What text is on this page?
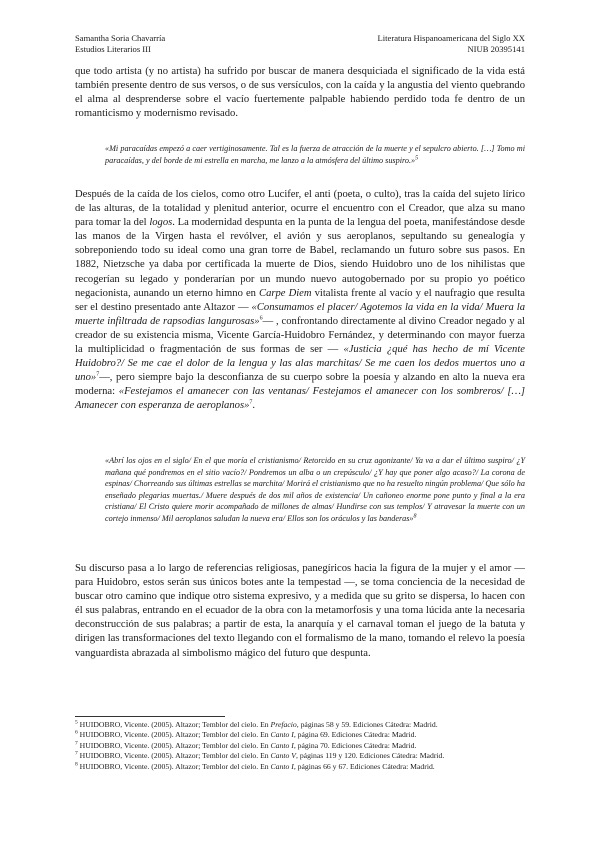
Samantha Soria Chavarría
Estudios Literarios III
Literatura Hispanoamericana del Siglo XX
NIUB 20395141

que todo artista (y no artista) ha sufrido por buscar de manera desquiciada el significado de la vida está también presente dentro de sus versos, o de sus versículos, con la caída y la angustia del viento quebrando el alma al desprenderse sobre el vacío fuertemente palpable habiendo perdido toda fe dentro de un romanticismo y modernismo revisado.

«Mi paracaídas empezó a caer vertiginosamente. Tal es la fuerza de atracción de la muerte y el sepulcro abierto. […] Tomo mi paracaídas, y del borde de mi estrella en marcha, me lanzo a la atmósfera del último suspiro.»$^5$

Después de la caída de los cielos, como otro Lucifer, el anti (poeta, o culto), tras la caída del sujeto lírico de las alturas, de la totalidad y plenitud anterior, ocurre el encuentro con el Creador, que alza su mano para tomar la del logos. La modernidad despunta en la punta de la lengua del poeta, manifestándose desde las manos de la Virgen hasta el revólver, el avión y sus aeroplanos, sepultando su genealogía y sobreponiendo todo su ideal como una gran torre de Babel, reclamando un futuro sobre sus pasos. En 1882, Nietzsche ya daba por certificada la muerte de Dios, siendo Huidobro uno de los nihilistas que recogerían su legado y ponderarían por un mundo nuevo autogobernado por su propio yo poético negacionista, aunando un eterno himno en Carpe Diem vitalista frente al vacío y el naufragio que resulta ser el destino presentado ante Altazor — «Consumamos el placer/ Agotemos la vida en la vida/ Muera la muerte infiltrada de rapsodias langurosas»$^6$— , confrontando directamente al divino Creador negado y al creador de su existencia misma, Vicente García-Huidobro Fernández, y determinando con mayor fuerza la multiplicidad o fragmentación de sus formas de ser — «Justicia ¿qué has hecho de mí Vicente Huidobro?/ Se me cae el dolor de la lengua y las alas marchitas/ Se me caen los dedos muertos uno a uno»$^7$—, pero siempre bajo la desconfianza de su cuerpo sobre la poesía y alzando en alto la nueva era moderna: «Festejamos el amanecer con las ventanas/ Festejamos el amanecer con los sombreros/ […] Amanecer con esperanza de aeroplanos»$^7$.

«Abrí los ojos en el siglo/ En el que moría el cristianismo/ Retorcido en su cruz agonizante/ Ya va a dar el último suspiro/ ¿Y mañana qué pondremos en el sitio vacío?/ Pondremos un alba o un crepúsculo/ ¿Y hay que poner algo acaso?/ La corona de espinas/ Chorreando sus últimas estrellas se marchita/ Morirá el cristianismo que no ha resuelto ningún problema/ Que sólo ha enseñado plegarias muertas./ Muere después de dos mil años de existencia/ Un cañoneo enorme pone punto y final a la era cristiana/ El Cristo quiere morir acompañado de millones de almas/ Hundirse con sus templos/ Y atravesar la muerte con un cortejo inmenso/ Mil aeroplanos saludan la nueva era/ Ellos son los oráculos y las banderas»$^8$

Su discurso pasa a lo largo de referencias religiosas, panegíricos hacia la figura de la mujer y el amor — para Huidobro, estos serán sus únicos botes ante la tempestad —, se toma conciencia de la necesidad de buscar otro camino que indique otro sistema expresivo, y a medida que su grito se dispersa, lo hacen con él sus palabras, entrando en el ecuador de la obra con la metamorfosis y una toma lúcida ante la necesaria deconstrucción de sus palabras; a partir de esta, la anarquía y el carnaval toman el juego de la batuta y dirigen las transformaciones del texto llegando con el formalismo de la mano, tomando el relevo la poesía vanguardista abrazada al simbolismo mágico del futuro que despunta.

$^5$ HUIDOBRO, Vicente. (2005). Altazor; Temblor del cielo. En Prefacio, páginas 58 y 59. Ediciones Cátedra: Madrid.
$^6$ HUIDOBRO, Vicente. (2005). Altazor; Temblor del cielo. En Canto I, página 69. Ediciones Cátedra: Madrid.
$^7$ HUIDOBRO, Vicente. (2005). Altazor; Temblor del cielo. En Canto I, página 70. Ediciones Cátedra: Madrid.
$^7$ HUIDOBRO, Vicente. (2005). Altazor; Temblor del cielo. En Canto V, páginas 119 y 120. Ediciones Cátedra: Madrid.
$^8$ HUIDOBRO, Vicente. (2005). Altazor; Temblor del cielo. En Canto I, páginas 66 y 67. Ediciones Cátedra: Madrid.
